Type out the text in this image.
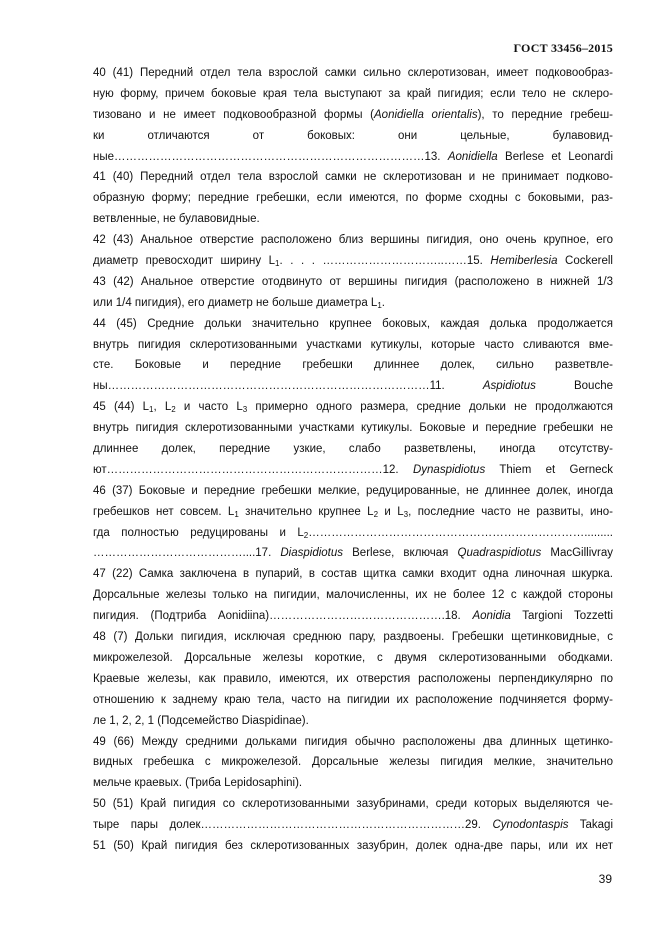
ГОСТ 33456–2015
40 (41) Передний отдел тела взрослой самки сильно склеротизован, имеет подковообраз-
ную форму, причем боковые края тела выступают за край пигидия; если тело не склеро-
тизовано и не имеет подковообразной формы (Aonidiella orientalis), то передние гребеш-
ки отличаются от боковых: они цельные, булавовид-
ные………………………………………………………………………13. Aonidiella Berlese et Leonardi
41 (40) Передний отдел тела взрослой самки не склеротизован и не принимает подково-
образную форму; передние гребешки, если имеются, по форме сходны с боковыми, раз-
ветвленные, не булавовидные.
42 (43) Анальное отверстие расположено близ вершины пигидия, оно очень крупное, его
диаметр превосходит ширину $L_1$. . . . …………………………..……15. Hemiberlesia Cockerell
43 (42) Анальное отверстие отодвинуто от вершины пигидия (расположено в нижней 1/3
или 1/4 пигидия), его диаметр не больше диаметра $L_1$.
44 (45) Средние дольки значительно крупнее боковых, каждая долька продолжается
внутрь пигидия склеротизованными участками кутикулы, которые часто сливаются вме-
сте. Боковые и передние гребешки длиннее долек, сильно разветвле-
ны…………………………………………………………………………11. Aspidiotus Bouche
45 (44) $L_1$, $L_2$ и часто $L_3$ примерно одного размера, средние дольки не продолжаются
внутрь пигидия склеротизованными участками кутикулы. Боковые и передние гребешки не
длиннее долек, передние узкие, слабо разветвлены, иногда отсутству-
ют………………………………………………………………12. Dynaspidiotus Thiem et Gerneck
46 (37) Боковые и передние гребешки мелкие, редуцированные, не длиннее долек, иногда
гребешков нет совсем. $L_1$ значительно крупнее $L_2$ и $L_3$, последние часто не развиты, ино-
гда полностью редуцированы и $L_2\dots\dots\dots\dots\dots\dots\dots\dots\dots\dots\dots\dots\dots\dots\dots\dots\dots\dots\dots\dots\dots\dots\dots\dots$.........
…………………………………....17. Diaspidiotus Berlese, включая Quadraspidiotus MacGillivray
47 (22) Самка заключена в пупарий, в состав щитка самки входит одна линочная шкурка.
Дорсальные железы только на пигидии, малочисленны, их не более 12 с каждой стороны
пигидия. (Подтриба Aonidiina)……………………………………….18. Aonidia Targioni Tozzetti
48 (7) Дольки пигидия, исключая среднюю пару, раздвоены. Гребешки щетинковидные, с
микрожелезой. Дорсальные железы короткие, с двумя склеротизованными ободками.
Краевые железы, как правило, имеются, их отверстия расположены перпендикулярно по
отношению к заднему краю тела, часто на пигидии их расположение подчиняется форму-
ле 1, 2, 2, 1 (Подсемейство Diaspidinae).
49 (66) Между средними дольками пигидия обычно расположены два длинных щетинко-
видных гребешка с микрожелезой. Дорсальные железы пигидия мелкие, значительно
мельче краевых. (Триба Lepidosaphini).
50 (51) Край пигидия со склеротизованными зазубринами, среди которых выделяются че-
тыре пары долек……………………………………………………………29. Cynodontaspis Takagi
51 (50) Край пигидия без склеротизованных зазубрин, долек одна-две пары, или их нет
39
